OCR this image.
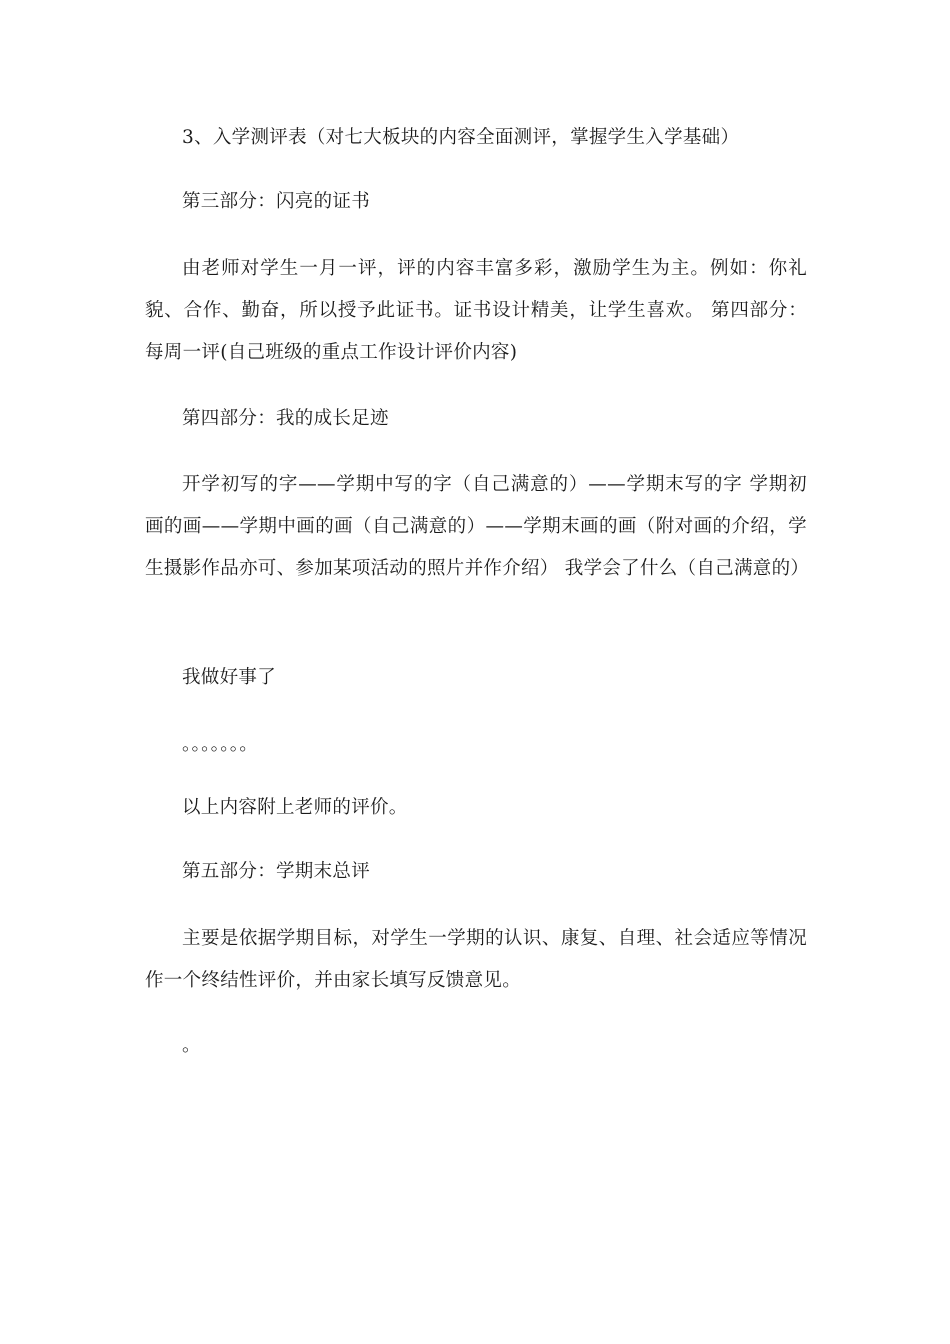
3、入学测评表（对七大板块的内容全面测评，掌握学生入学基础）

第三部分：闪亮的证书

由老师对学生一月一评，评的内容丰富多彩，激励学生为主。例如：你礼貌、合作、勤奋，所以授予此证书。证书设计精美，让学生喜欢。 第四部分：每周一评(自己班级的重点工作设计评价内容)

第四部分：我的成长足迹

开学初写的字——学期中写的字（自己满意的）——学期末写的字 学期初画的画——学期中画的画（自己满意的）——学期末画的画（附对画的介绍，学生摄影作品亦可、参加某项活动的照片并作介绍） 我学会了什么（自己满意的）

我做好事了

。。。。。。。

以上内容附上老师的评价。

第五部分：学期末总评

主要是依据学期目标，对学生一学期的认识、康复、自理、社会适应等情况作一个终结性评价，并由家长填写反馈意见。

。
